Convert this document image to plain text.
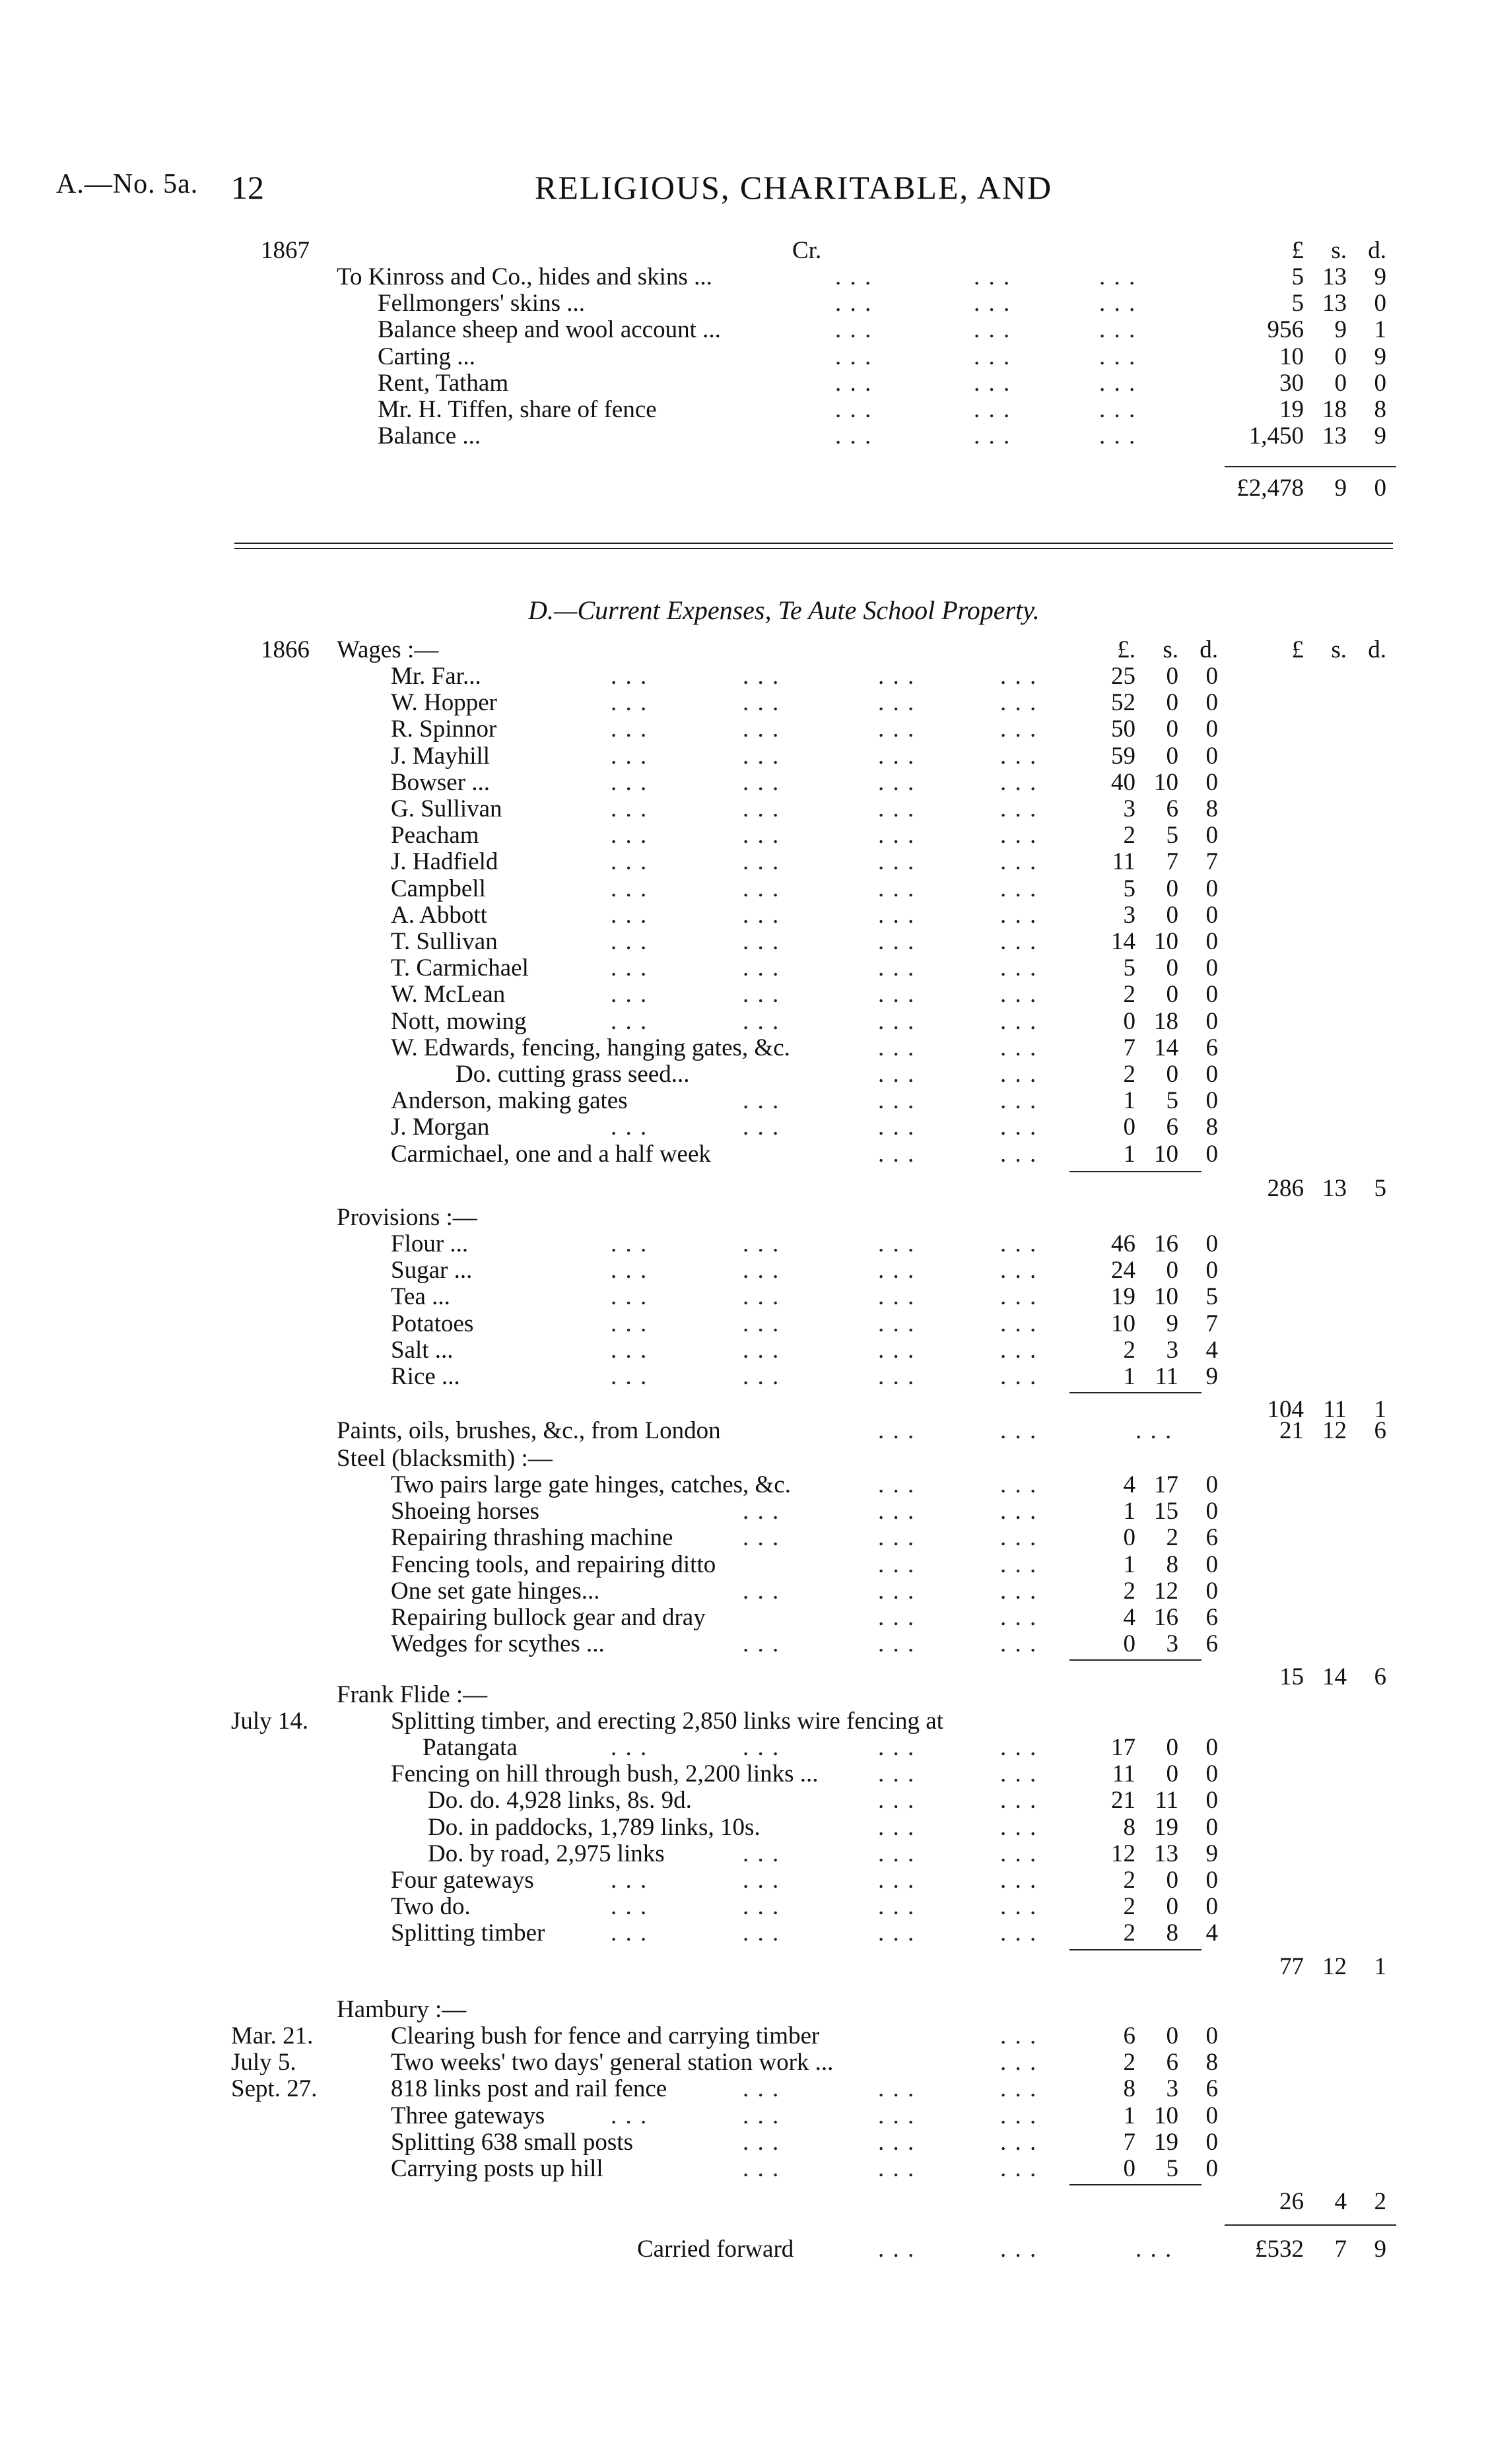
A.—No. 5a. 12	RELIGIOUS, CHARITABLE, AND
1867	Cr.	£ s. d.
To Kinross and Co., hides and skins ...	. . .	. . .	. . .	5 13 9
Fellmongers' skins ...	. . .	. . .	. . .	5 13 0
Balance sheep and wool account ...	. . .	. . .	. . .	956 9 1
Carting ...	. . .	. . .	. . .	10 0 9
Rent, Tatham	. . .	. . .	. . .	30 0 0
Mr. H. Tiffen, share of fence	. . .	. . .	. . .	19 18 8
Balance ...	. . .	. . .	. . .	1,450 13 9
£2,478 9 0
D.—Current Expenses, Te Aute School Property.
1866 Wages :—	£. s. d.	£ s. d.
Mr. Far...	. . .	. . .	. . .	. . .	25 0 0
W. Hopper	. . .	. . .	. . .	. . .	52 0 0
R. Spinnor	. . .	. . .	. . .	. . .	50 0 0
J. Mayhill	. . .	. . .	. . .	. . .	59 0 0
Bowser ...	. . .	. . .	. . .	. . .	40 10 0
G. Sullivan	. . .	. . .	. . .	. . .	3 6 8
Peacham	. . .	. . .	. . .	. . .	2 5 0
J. Hadfield	. . .	. . .	. . .	. . .	11 7 7
Campbell	. . .	. . .	. . .	. . .	5 0 0
A. Abbott	. . .	. . .	. . .	. . .	3 0 0
T. Sullivan	. . .	. . .	. . .	. . .	14 10 0
T. Carmichael	. . .	. . .	. . .	. . .	5 0 0
W. McLean	. . .	. . .	. . .	. . .	2 0 0
Nott, mowing	. . .	. . .	. . .	. . .	0 18 0
W. Edwards, fencing, hanging gates, &c.	. . .	. . .	7 14 6
Do. cutting grass seed...	. . .	. . .	2 0 0
Anderson, making gates	. . .	. . .	. . .	1 5 0
J. Morgan	. . .	. . .	. . .	. . .	0 6 8
Carmichael, one and a half week	. . .	. . .	1 10 0
286 13 5
Provisions :—
Flour ...	. . .	. . .	. . .	. . .	46 16 0
Sugar ...	. . .	. . .	. . .	. . .	24 0 0
Tea ...	. . .	. . .	. . .	. . .	19 10 5
Potatoes	. . .	. . .	. . .	. . .	10 9 7
Salt ...	. . .	. . .	. . .	. . .	2 3 4
Rice ...	. . .	. . .	. . .	. . .	1 11 9
104 11 1
Paints, oils, brushes, &c., from London	. . .	. . .	. . .	21 12 6
Steel (blacksmith) :—
Two pairs large gate hinges, catches, &c.	. . .	. . .	4 17 0
Shoeing horses	. . .	. . .	. . .	1 15 0
Repairing thrashing machine	. . .	. . .	. . .	0 2 6
Fencing tools, and repairing ditto	. . .	. . .	1 8 0
One set gate hinges...	. . .	. . .	. . .	2 12 0
Repairing bullock gear and dray	. . .	. . .	4 16 6
Wedges for scythes ...	. . .	. . .	. . .	0 3 6
15 14 6
Frank Flide :—
July 14.	Splitting timber, and erecting 2,850 links wire fencing at
Patangata	. . .	. . .	. . .	. . .	17 0 0
Fencing on hill through bush, 2,200 links ... . . .	. . .	11 0 0
Do. do. 4,928 links, 8s. 9d.	. . .	. . .	21 11 0
Do. in paddocks, 1,789 links, 10s.	. . .	. . .	8 19 0
Do. by road, 2,975 links	. . .	. . .	. . .	12 13 9
Four gateways	. . .	. . .	. . .	. . .	2 0 0
Two do.	. . .	. . .	. . .	. . .	2 0 0
Splitting timber	. . .	. . .	. . .	. . .	2 8 4
77 12 1
Hambury :—
Mar. 21.	Clearing bush for fence and carrying timber	. . .	6 0 0
July 5.	Two weeks' two days' general station work ...	. . .	2 6 8
Sept. 27.	818 links post and rail fence	. . .	. . .	. . .	8 3 6
Three gateways	. . .	. . .	. . .	. . .	1 10 0
Splitting 638 small posts	. . .	. . .	. . .	7 19 0
Carrying posts up hill	. . .	. . .	. . .	0 5 0
26 4 2
Carried forward	. . .	. . .	. . .	£532 7 9
